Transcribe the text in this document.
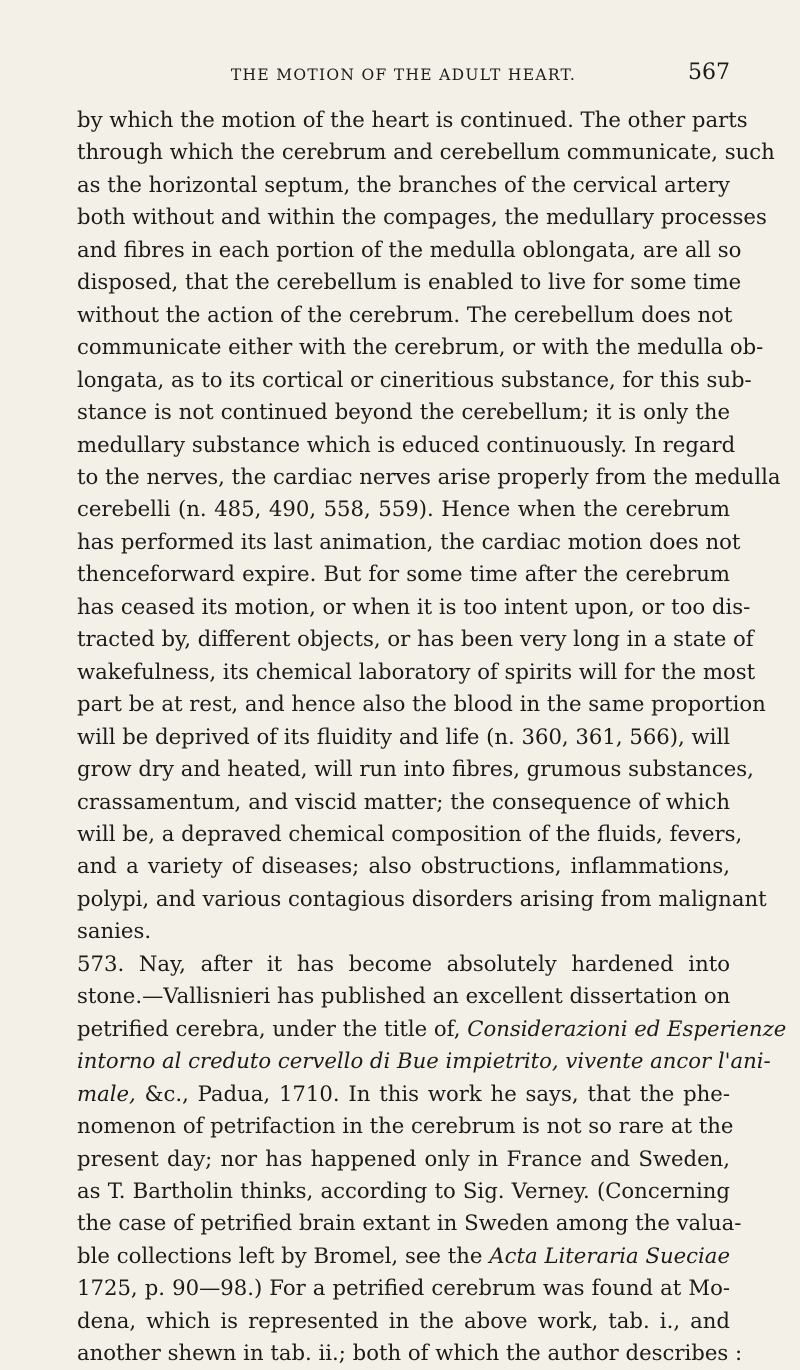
THE MOTION OF THE ADULT HEART.	567
by which the motion of the heart is continued. The other parts
through which the cerebrum and cerebellum communicate, such
as the horizontal septum, the branches of the cervical artery
both without and within the compages, the medullary processes
and fibres in each portion of the medulla oblongata, are all so
disposed, that the cerebellum is enabled to live for some time
without the action of the cerebrum. The cerebellum does not
communicate either with the cerebrum, or with the medulla ob-
longata, as to its cortical or cineritious substance, for this sub-
stance is not continued beyond the cerebellum; it is only the
medullary substance which is educed continuously. In regard
to the nerves, the cardiac nerves arise properly from the medulla
cerebelli (n. 485, 490, 558, 559). Hence when the cerebrum
has performed its last animation, the cardiac motion does not
thenceforward expire. But for some time after the cerebrum
has ceased its motion, or when it is too intent upon, or too dis-
tracted by, different objects, or has been very long in a state of
wakefulness, its chemical laboratory of spirits will for the most
part be at rest, and hence also the blood in the same proportion
will be deprived of its fluidity and life (n. 360, 361, 566), will
grow dry and heated, will run into fibres, grumous substances,
crassamentum, and viscid matter; the consequence of which
will be, a depraved chemical composition of the fluids, fevers,
and a variety of diseases; also obstructions, inflammations,
polypi, and various contagious disorders arising from malignant
sanies.
573. Nay, after it has become absolutely hardened into
stone.—Vallisnieri has published an excellent dissertation on
petrified cerebra, under the title of, Considerazioni ed Esperienze
intorno al creduto cervello di Bue impietrito, vivente ancor l'ani-
male, &c., Padua, 1710. In this work he says, that the phe-
nomenon of petrifaction in the cerebrum is not so rare at the
present day; nor has happened only in France and Sweden,
as T. Bartholin thinks, according to Sig. Verney. (Concerning
the case of petrified brain extant in Sweden among the valua-
ble collections left by Bromel, see the Acta Literaria Sueciae
1725, p. 90—98.) For a petrified cerebrum was found at Mo-
dena, which is represented in the above work, tab. i., and
another shewn in tab. ii.; both of which the author describes :
